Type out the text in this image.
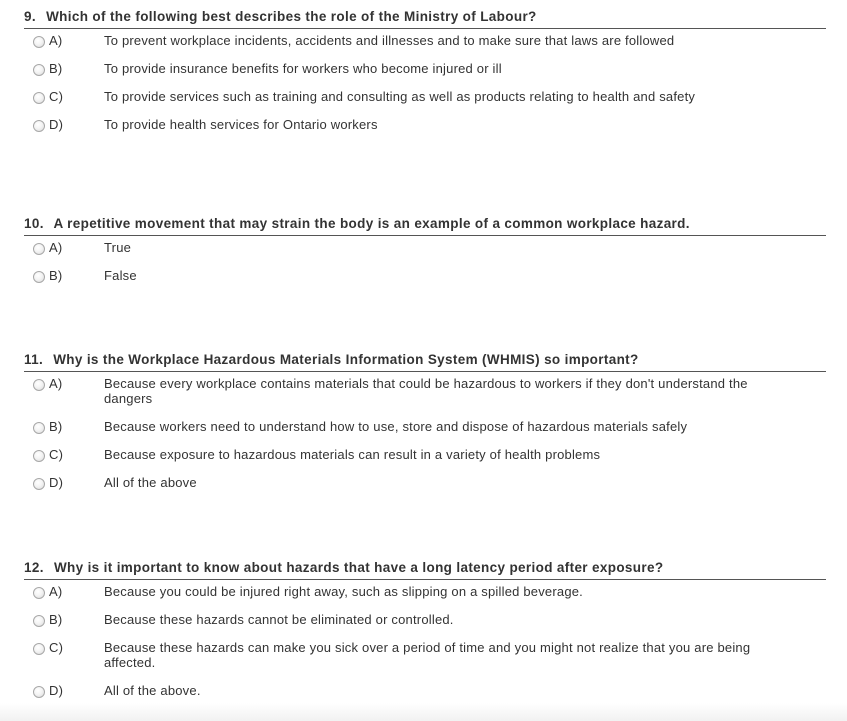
9. Which of the following best describes the role of the Ministry of Labour?
A)	To prevent workplace incidents, accidents and illnesses and to make sure that laws are followed
B)	To provide insurance benefits for workers who become injured or ill
C)	To provide services such as training and consulting as well as products relating to health and safety
D)	To provide health services for Ontario workers
10. A repetitive movement that may strain the body is an example of a common workplace hazard.
A)	True
B)	False
11. Why is the Workplace Hazardous Materials Information System (WHMIS) so important?
A)	Because every workplace contains materials that could be hazardous to workers if they don't understand the dangers
B)	Because workers need to understand how to use, store and dispose of hazardous materials safely
C)	Because exposure to hazardous materials can result in a variety of health problems
D)	All of the above
12. Why is it important to know about hazards that have a long latency period after exposure?
A)	Because you could be injured right away, such as slipping on a spilled beverage.
B)	Because these hazards cannot be eliminated or controlled.
C)	Because these hazards can make you sick over a period of time and you might not realize that you are being affected.
D)	All of the above.
